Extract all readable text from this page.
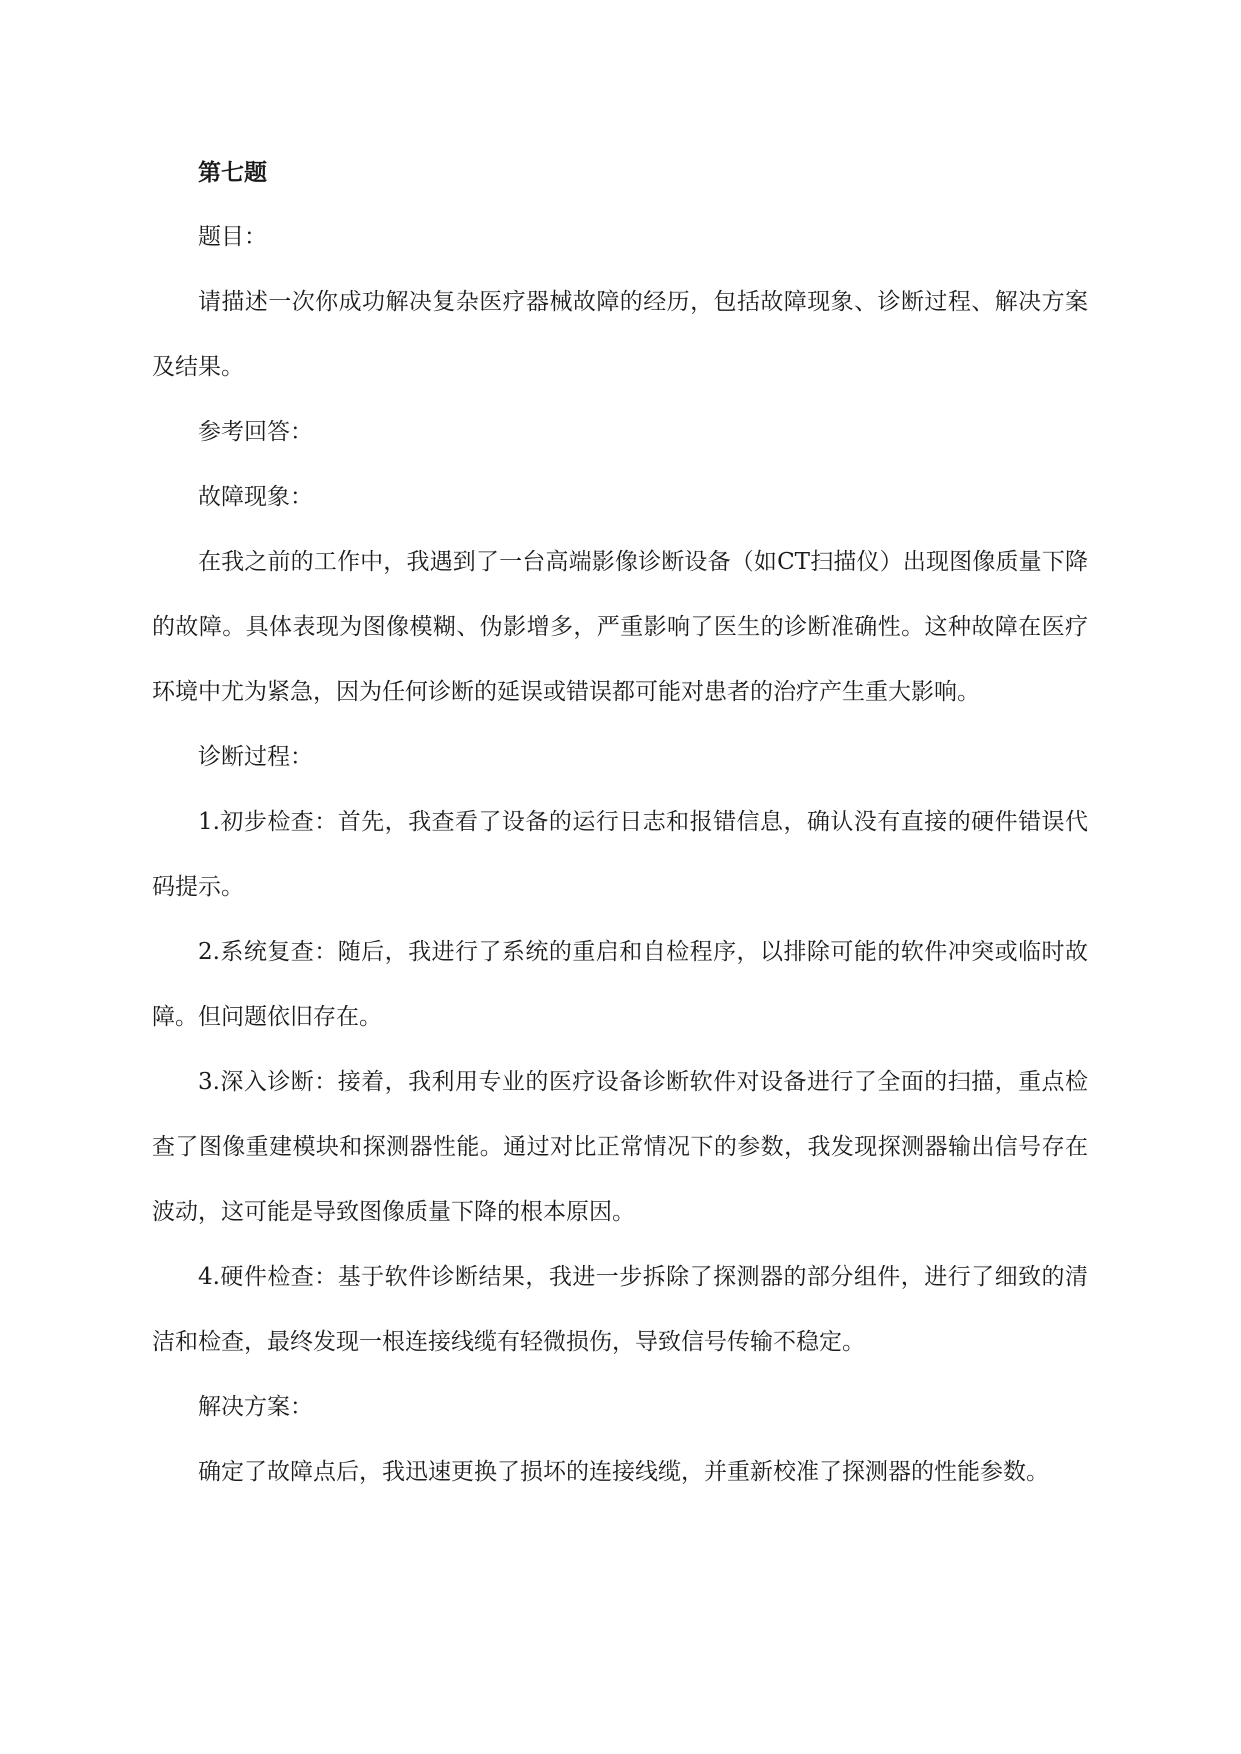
第七题

题目：

请描述一次你成功解决复杂医疗器械故障的经历，包括故障现象、诊断过程、解决方案及结果。

参考回答：

故障现象：

在我之前的工作中，我遇到了一台高端影像诊断设备（如CT扫描仪）出现图像质量下降的故障。具体表现为图像模糊、伪影增多，严重影响了医生的诊断准确性。这种故障在医疗环境中尤为紧急，因为任何诊断的延误或错误都可能对患者的治疗产生重大影响。

诊断过程：

1.初步检查：首先，我查看了设备的运行日志和报错信息，确认没有直接的硬件错误代码提示。

2.系统复查：随后，我进行了系统的重启和自检程序，以排除可能的软件冲突或临时故障。但问题依旧存在。

3.深入诊断：接着，我利用专业的医疗设备诊断软件对设备进行了全面的扫描，重点检查了图像重建模块和探测器性能。通过对比正常情况下的参数，我发现探测器输出信号存在波动，这可能是导致图像质量下降的根本原因。

4.硬件检查：基于软件诊断结果，我进一步拆除了探测器的部分组件，进行了细致的清洁和检查，最终发现一根连接线缆有轻微损伤，导致信号传输不稳定。

解决方案：

确定了故障点后，我迅速更换了损坏的连接线缆，并重新校准了探测器的性能参数。
